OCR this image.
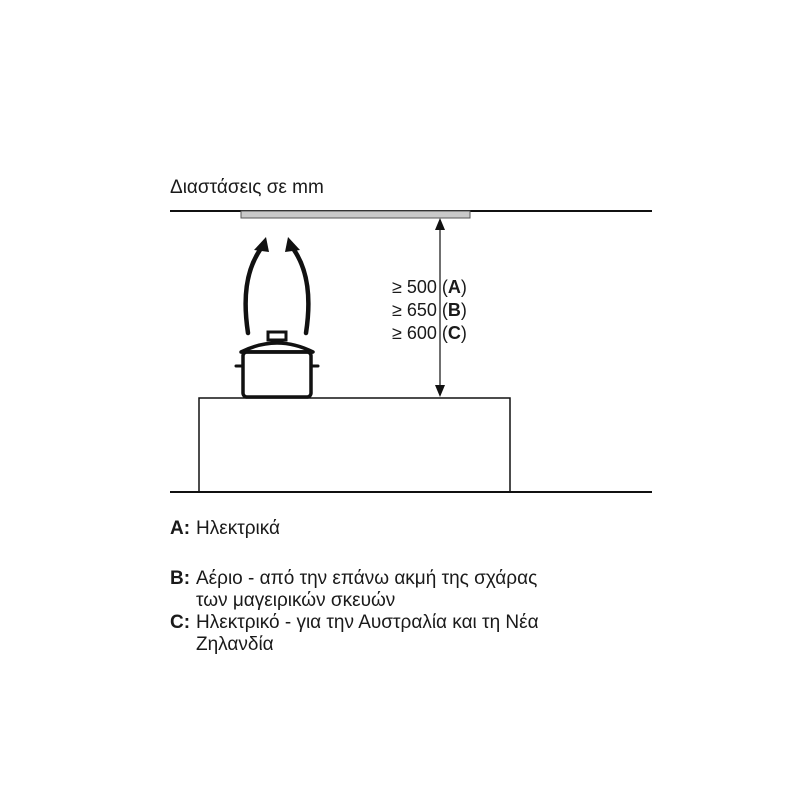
Διαστάσεις σε mm
≥ 500 (A)
≥ 650 (B)
≥ 600 (C)
A: Ηλεκτρικά
B: Αέριο - από την επάνω ακμή της σχάρας
των μαγειρικών σκευών
C: Ηλεκτρικό - για την Αυστραλία και τη Νέα
Ζηλανδία
